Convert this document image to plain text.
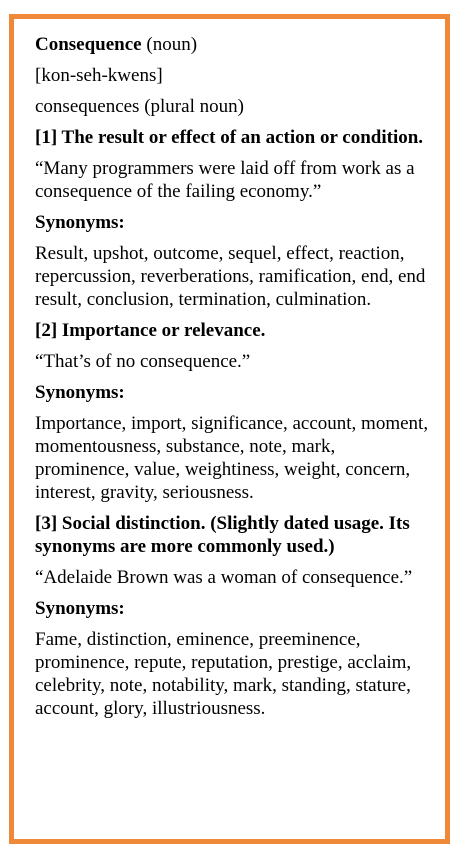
Consequence (noun)

[kon-seh-kwens]

consequences (plural noun)

[1] The result or effect of an action or condition.

“Many programmers were laid off from work as a consequence of the failing economy.”

Synonyms:

Result, upshot, outcome, sequel, effect, reaction, repercussion, reverberations, ramification, end, end result, conclusion, termination, culmination.

[2] Importance or relevance.

“That’s of no consequence.”

Synonyms:

Importance, import, significance, account, moment, momentousness, substance, note, mark, prominence, value, weightiness, weight, concern, interest, gravity, seriousness.

[3] Social distinction. (Slightly dated usage. Its synonyms are more commonly used.)

“Adelaide Brown was a woman of consequence.”

Synonyms:

Fame, distinction, eminence, preeminence, prominence, repute, reputation, prestige, acclaim, celebrity, note, notability, mark, standing, stature, account, glory, illustriousness.
